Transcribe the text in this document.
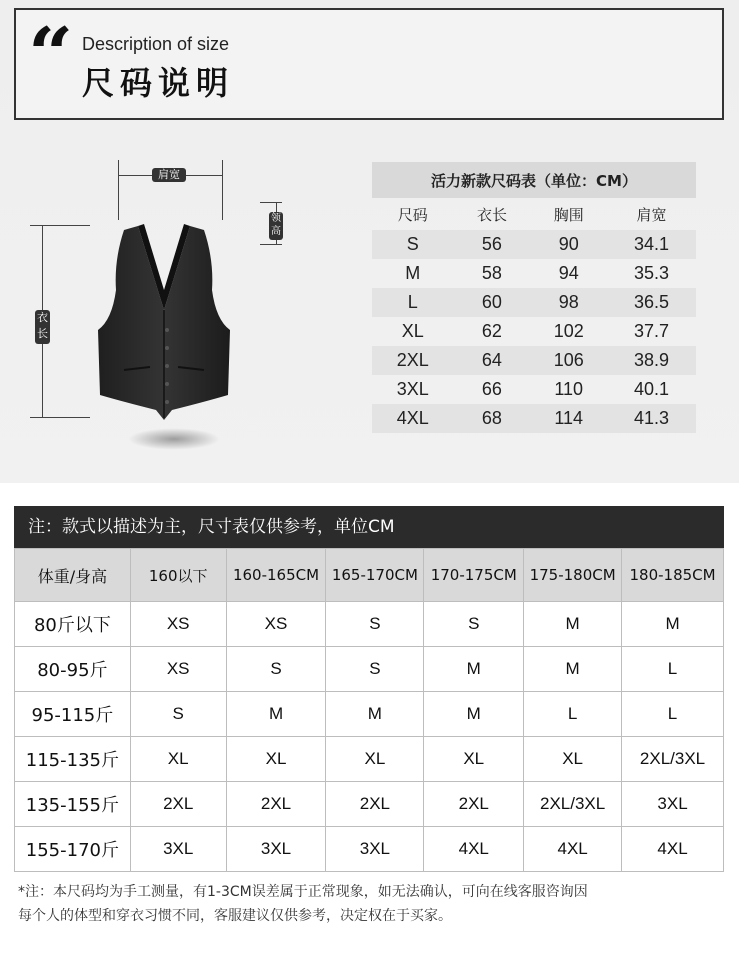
“ Description of size
尺码说明
肩宽
领高
衣长
活力新款尺码表（单位：CM）			
尺码	衣长	胸围	肩宽
S	56	90	34.1
M	58	94	35.3
L	60	98	36.5
XL	62	102	37.7
2XL	64	106	38.9
3XL	66	110	40.1
4XL	68	114	41.3
注：款式以描述为主，尺寸表仅供参考，单位CM
体重/身高	160以下	160-165CM	165-170CM	170-175CM	175-180CM	180-185CM
80斤以下	XS	XS	S	S	M	M
80-95斤	XS	S	S	M	M	L
95-115斤	S	M	M	M	L	L
115-135斤	XL	XL	XL	XL	XL	2XL/3XL
135-155斤	2XL	2XL	2XL	2XL	2XL/3XL	3XL
155-170斤	3XL	3XL	3XL	4XL	4XL	4XL
*注：本尺码均为手工测量，有1-3CM误差属于正常现象，如无法确认，可向在线客服咨询因
每个人的体型和穿衣习惯不同，客服建议仅供参考，决定权在于买家。
